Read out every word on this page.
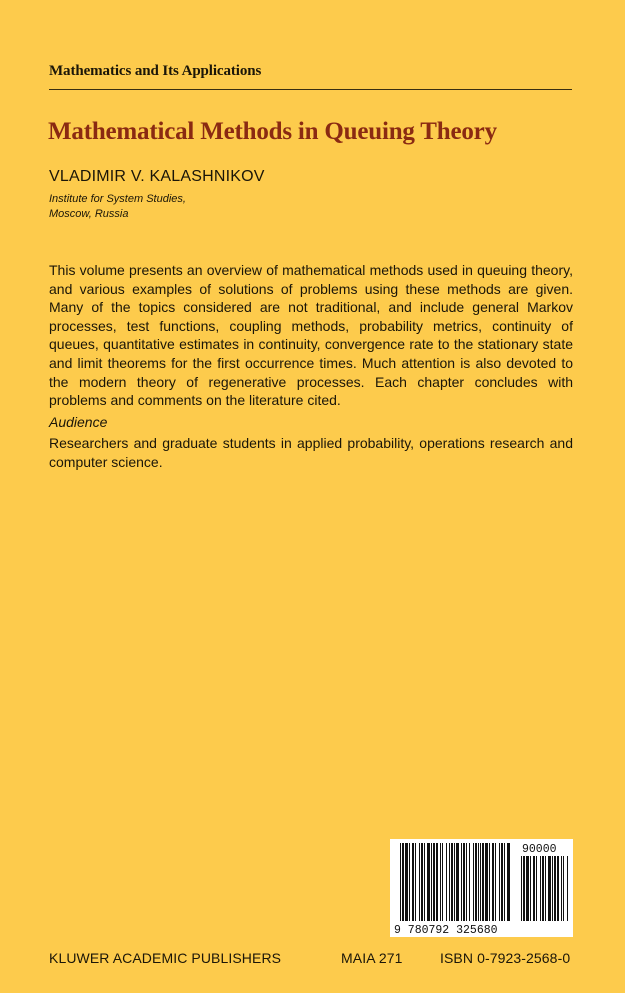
Mathematics and Its Applications
Mathematical Methods in Queuing Theory
VLADIMIR V. KALASHNIKOV
Institute for System Studies,
Moscow, Russia

This volume presents an overview of mathematical methods used in queuing theory, and various examples of solutions of problems using these methods are given. Many of the topics considered are not traditional, and include general Markov processes, test functions, coupling methods, probability metrics, continuity of queues, quantitative estimates in continuity, convergence rate to the stationary state and limit theorems for the first occurrence times. Much attention is also devoted to the modern theory of regenerative processes. Each chapter concludes with problems and comments on the literature cited.

Audience

Researchers and graduate students in applied probability, operations research and computer science.

9 780792 325680
90000
KLUWER ACADEMIC PUBLISHERS	MAIA 271	ISBN 0-7923-2568-0
